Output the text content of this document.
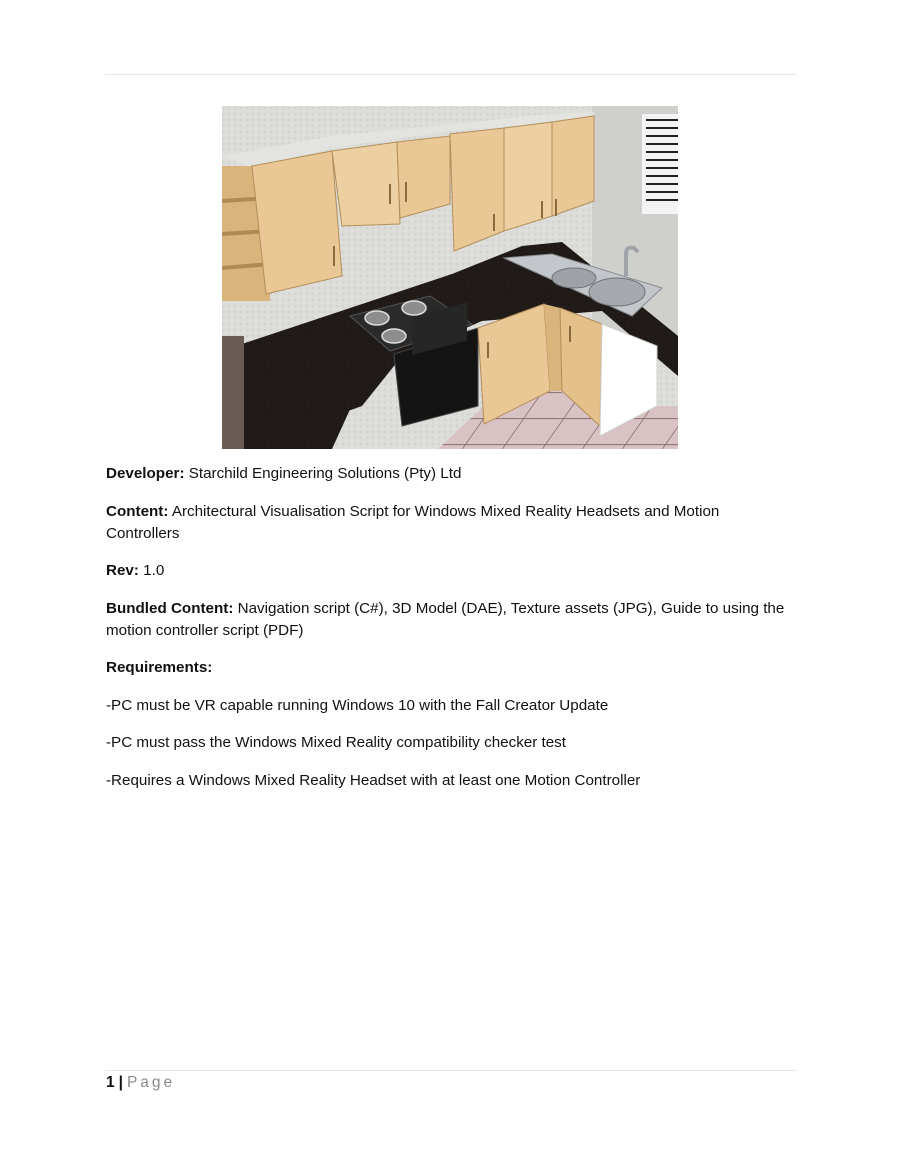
Developer: Starchild Engineering Solutions (Pty) Ltd

Content: Architectural Visualisation Script for Windows Mixed Reality Headsets and Motion Controllers

Rev: 1.0

Bundled Content: Navigation script (C#), 3D Model (DAE), Texture assets (JPG), Guide to using the motion controller script (PDF)

Requirements:

-PC must be VR capable running Windows 10 with the Fall Creator Update

-PC must pass the Windows Mixed Reality compatibility checker test

-Requires a Windows Mixed Reality Headset with at least one Motion Controller

1 | Page
